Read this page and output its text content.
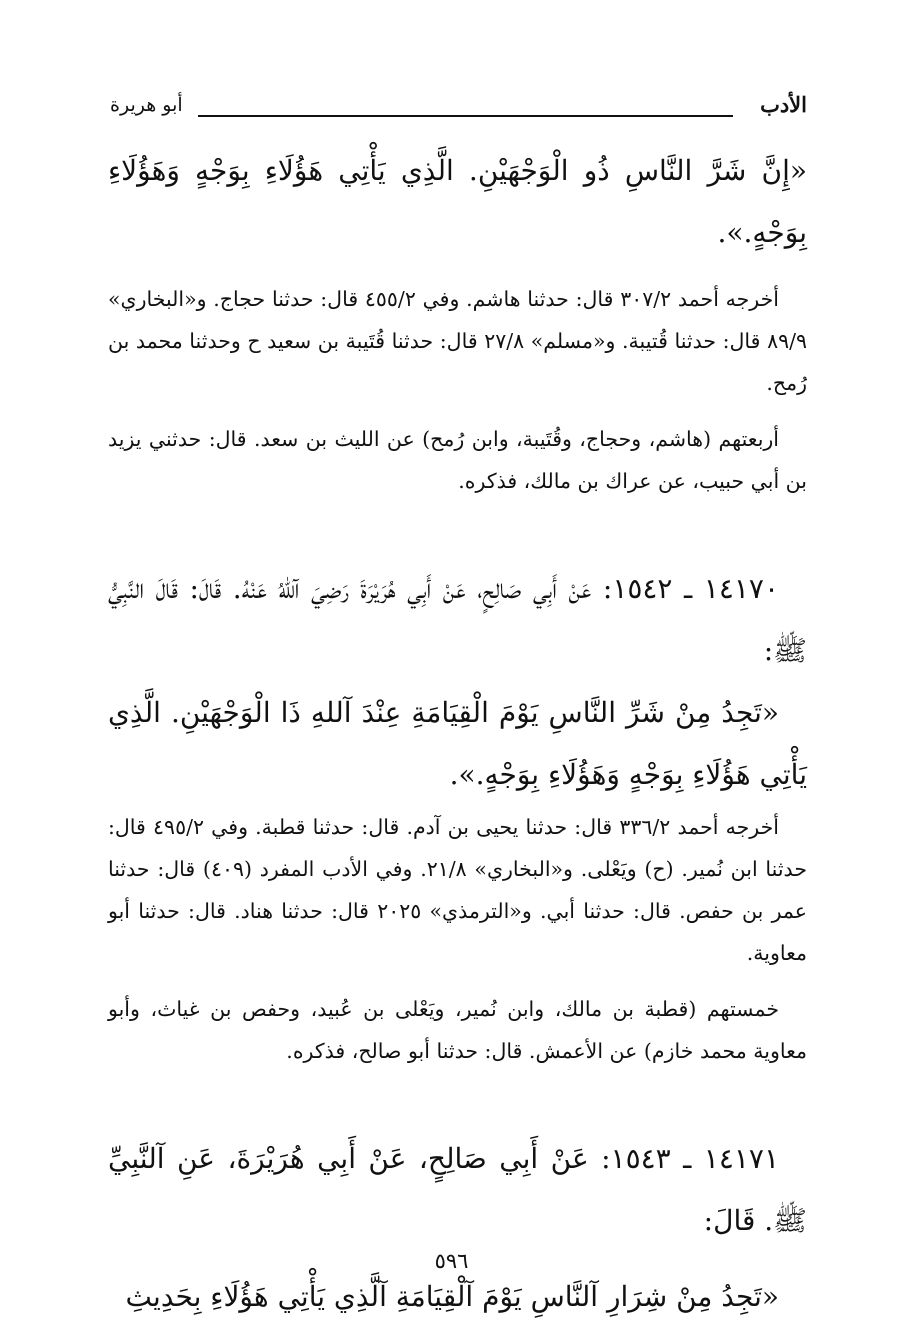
الأدب
أبو هريرة

«إِنَّ شَرَّ النَّاسِ ذُو الْوَجْهَيْنِ. الَّذِي يَأْتِي هَؤُلَاءِ بِوَجْهٍ وَهَؤُلَاءِ بِوَجْهٍ.».

أخرجه أحمد ٣٠٧/٢ قال: حدثنا هاشم. وفي ٤٥٥/٢ قال: حدثنا حجاج. و«البخاري» ٨٩/٩ قال: حدثنا قُتيبة. و«مسلم» ٢٧/٨ قال: حدثنا قُتَيبة بن سعيد ح وحدثنا محمد بن رُمح.

أربعتهم (هاشم، وحجاج، وقُتَيبة، وابن رُمح) عن الليث بن سعد. قال: حدثني يزيد بن أبي حبيب، عن عراك بن مالك، فذكره.

١٤١٧٠ ـ ١٥٤٢: عَنْ أَبِي صَالِحٍ، عَنْ أَبِي هُرَيْرَةَ رَضِيَ آللهُ عَنْهُ. قَالَ: قَالَ النَّبِيُّ ﷺ:

«تَجِدُ مِنْ شَرِّ النَّاسِ يَوْمَ الْقِيَامَةِ عِنْدَ آللهِ ذَا الْوَجْهَيْنِ. الَّذِي يَأْتِي هَؤُلَاءِ بِوَجْهٍ وَهَؤُلَاءِ بِوَجْهٍ.».

أخرجه أحمد ٣٣٦/٢ قال: حدثنا يحيى بن آدم. قال: حدثنا قطبة. وفي ٤٩٥/٢ قال: حدثنا ابن نُمير. (ح) ويَعْلى. و«البخاري» ٢١/٨. وفي الأدب المفرد (٤٠٩) قال: حدثنا عمر بن حفص. قال: حدثنا أبي. و«الترمذي» ٢٠٢٥ قال: حدثنا هناد. قال: حدثنا أبو معاوية.

خمستهم (قطبة بن مالك، وابن نُمير، ويَعْلى بن عُبيد، وحفص بن غياث، وأبو معاوية محمد خازم) عن الأعمش. قال: حدثنا أبو صالح، فذكره.

١٤١٧١ ـ ١٥٤٣: عَنْ أَبِي صَالِحٍ، عَنْ أَبِي هُرَيْرَةَ، عَنِ آلنَّبِيِّ ﷺ. قَالَ:

«تَجِدُ مِنْ شِرَارِ آلنَّاسِ يَوْمَ آلْقِيَامَةِ آلَّذِي يَأْتِي هَؤُلَاءِ بِحَدِيثِ

٥٩٦
